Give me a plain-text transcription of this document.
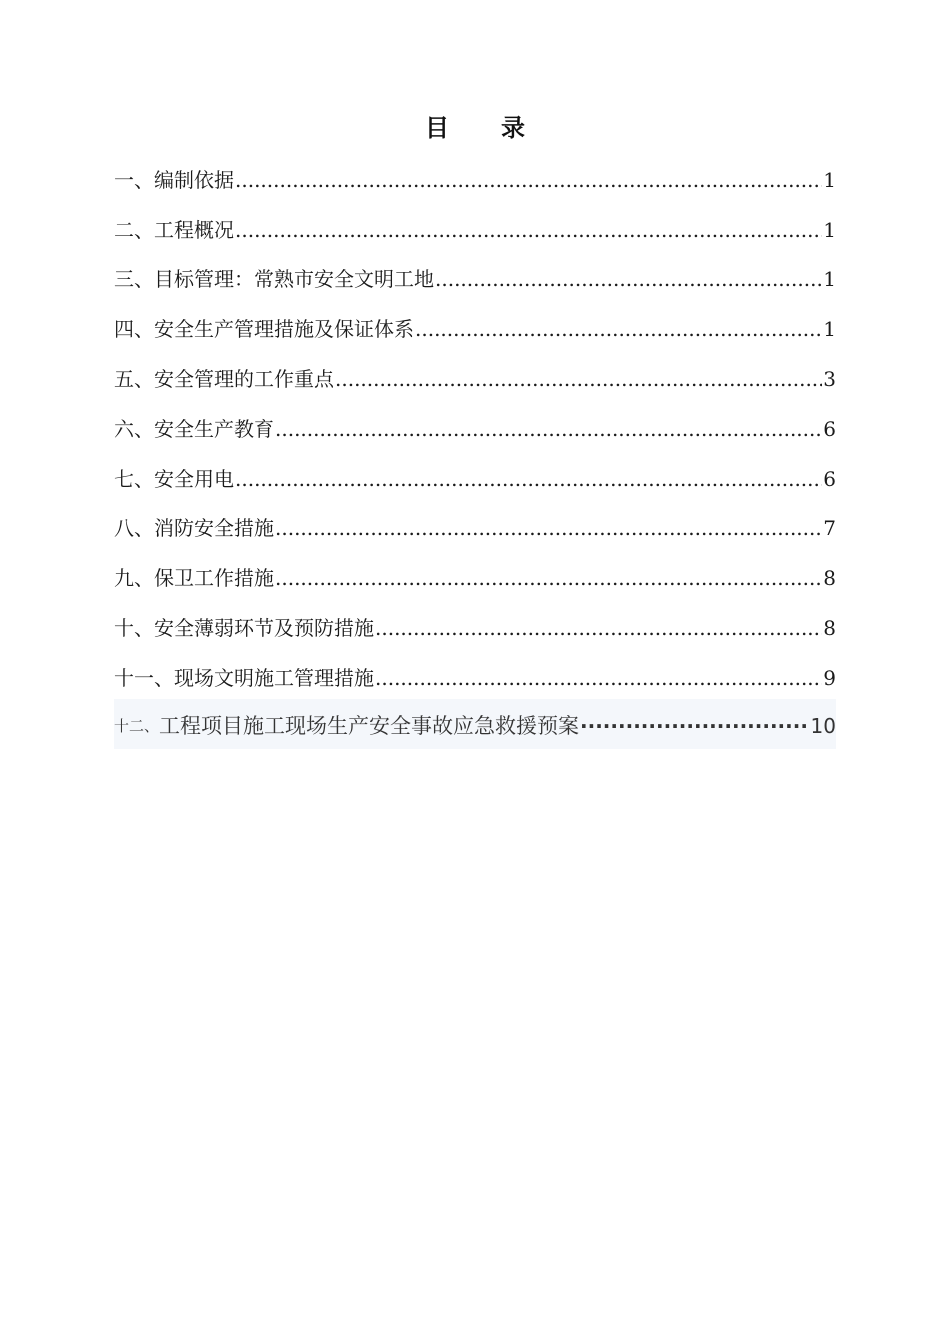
目 录
一、编制依据 .....	1
二、工程概况 .....	1
三、目标管理：常熟市安全文明工地 .....	1
四、安全生产管理措施及保证体系 .....	1
五、安全管理的工作重点 .....	3
六、安全生产教育 .....	6
七、安全用电 .....	6
八、消防安全措施 .....	7
九、保卫工作措施 .....	8
十、安全薄弱环节及预防措施 .....	8
十一、现场文明施工管理措施 .....	9
十二、 工程项目施工现场生产安全事故应急救援预案 ·····	10
